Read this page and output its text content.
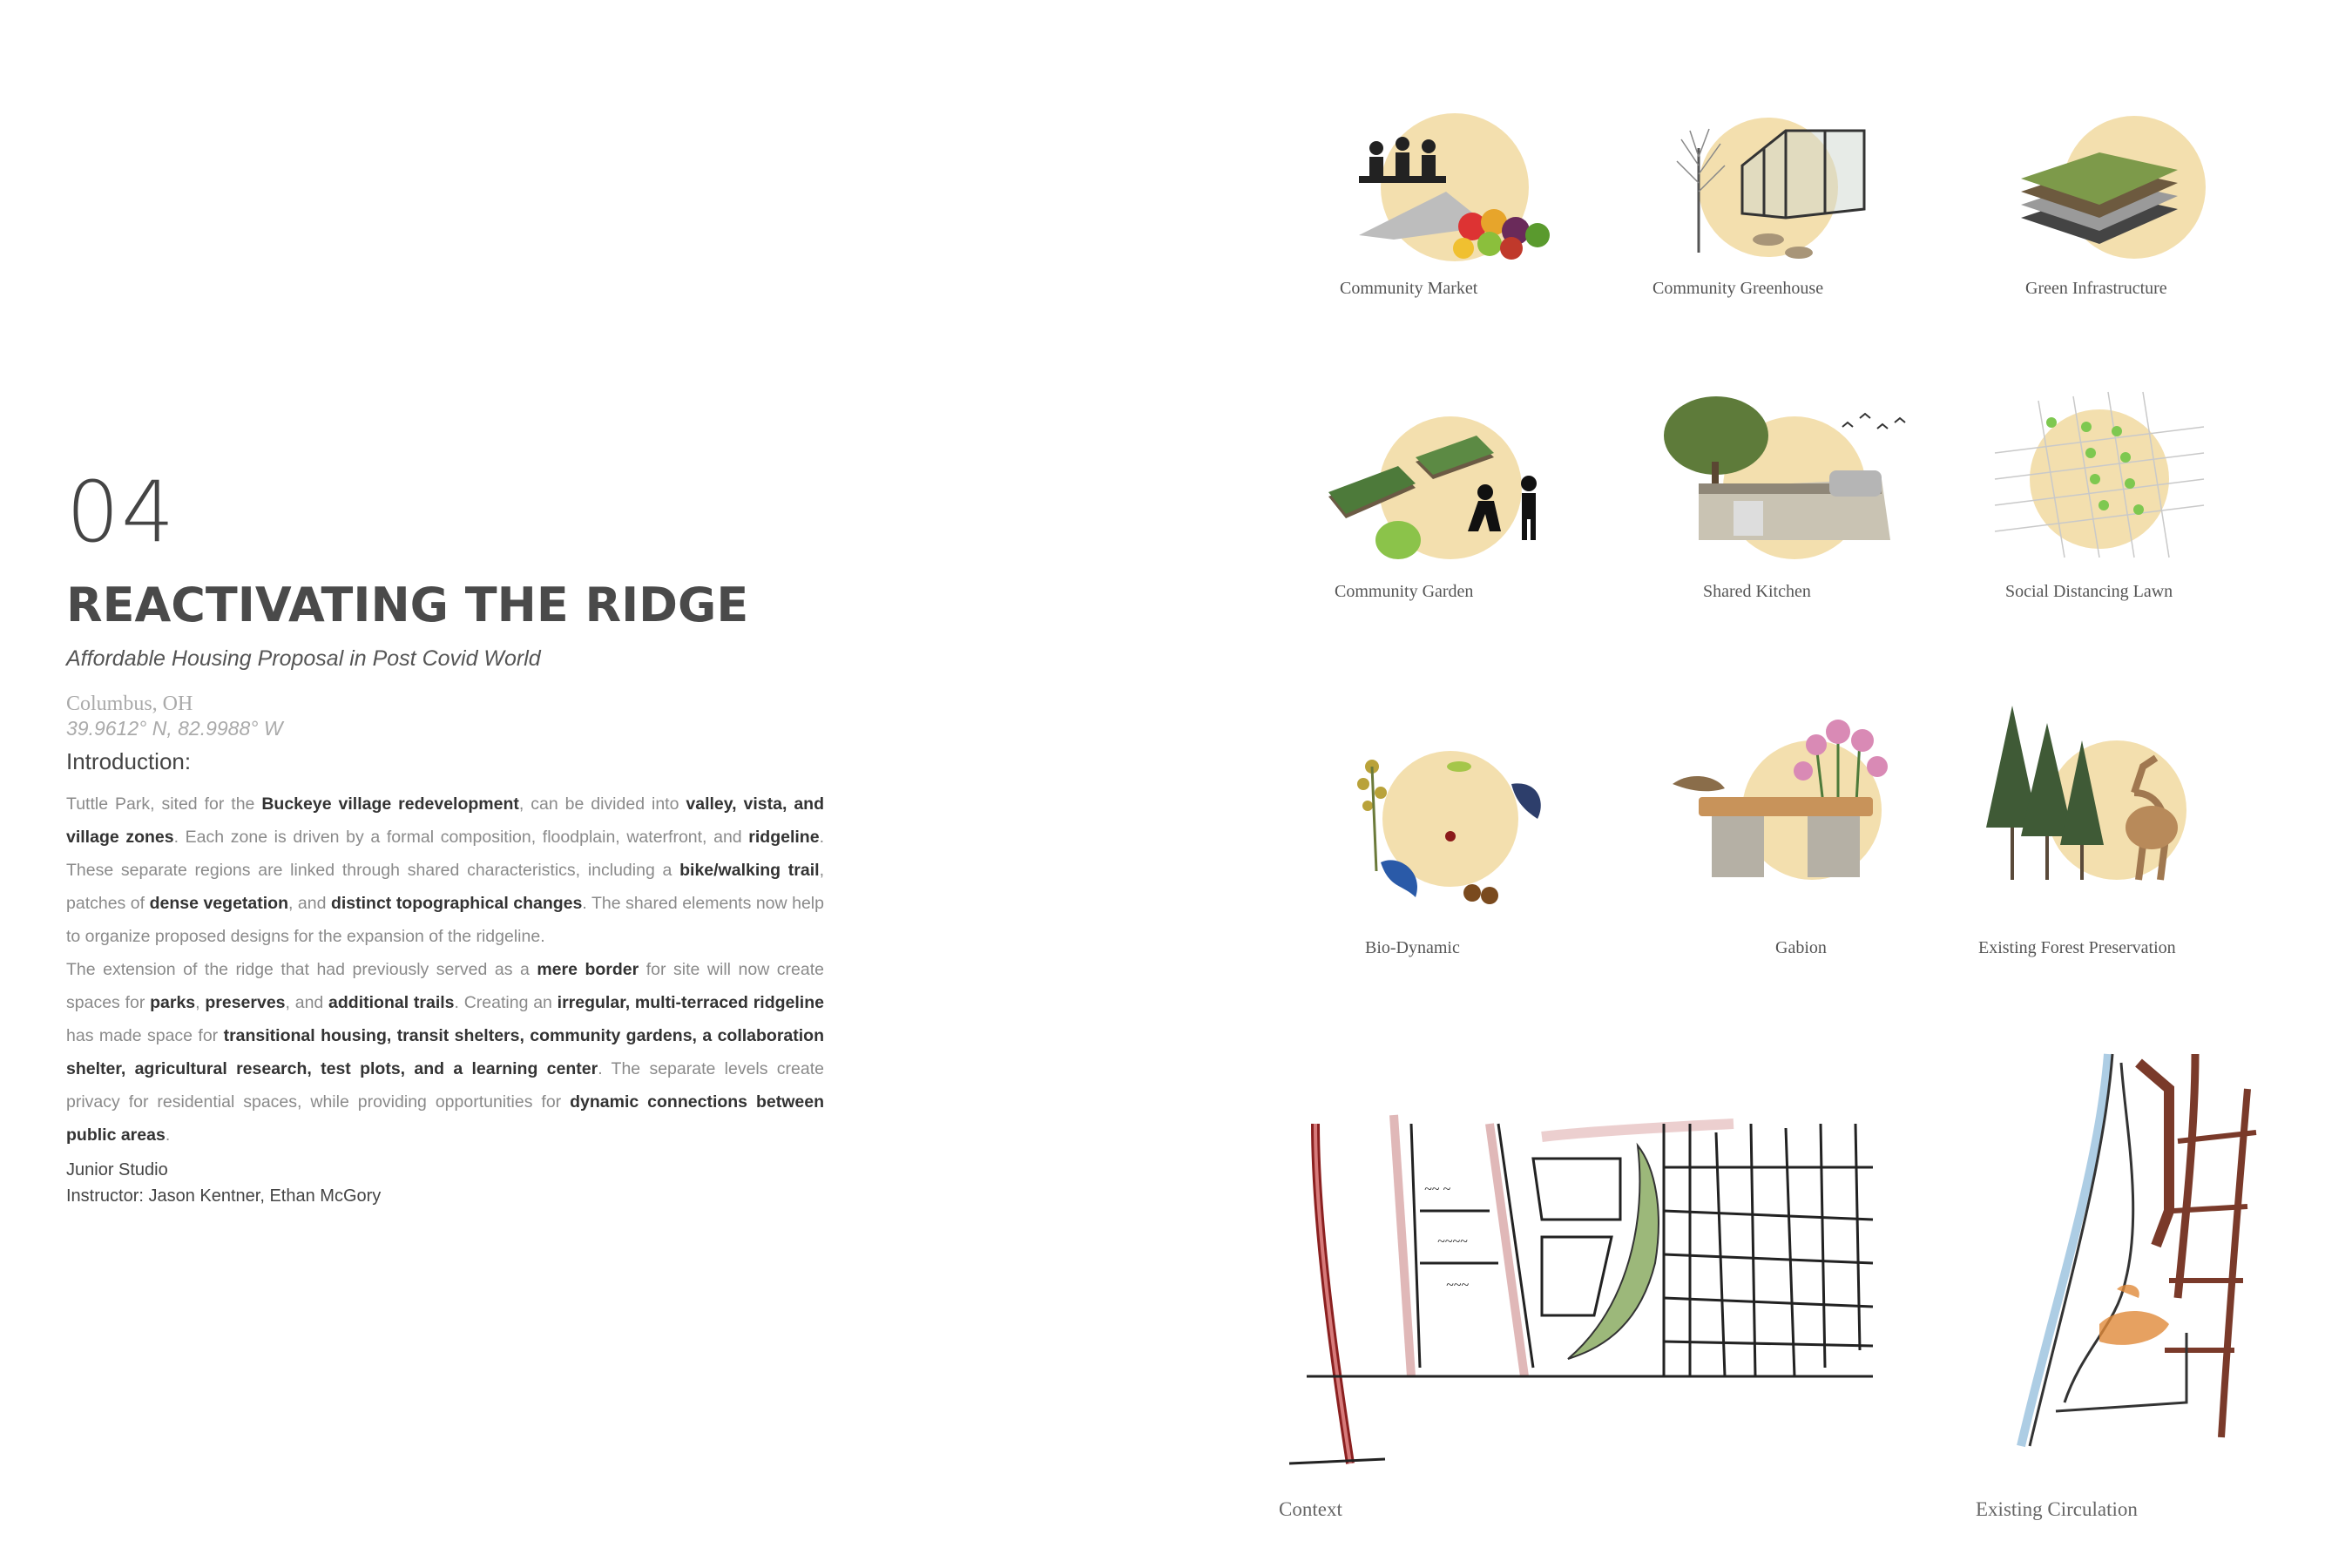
04
REACTIVATING THE RIDGE
Affordable Housing Proposal in Post Covid World
Columbus, OH
39.9612° N, 82.9988° W
Introduction:
Tuttle Park, sited for the Buckeye village redevelopment, can be divided into valley, vista, and village zones. Each zone is driven by a formal composition, floodplain, waterfront, and ridgeline. These separate regions are linked through shared characteristics, including a bike/walking trail, patches of dense vegetation, and distinct topographical changes. The shared elements now help to organize proposed designs for the expansion of the ridgeline.
The extension of the ridge that had previously served as a mere border for site will now create spaces for parks, preserves, and additional trails. Creating an irregular, multi-terraced ridgeline has made space for transitional housing, transit shelters, community gardens, a collaboration shelter, agricultural research, test plots, and a learning center. The separate levels create privacy for residential spaces, while providing opportunities for dynamic connections between public areas.
Junior Studio
Instructor: Jason Kentner, Ethan McGory
Community Market	Community Greenhouse	Green Infrastructure
Community Garden	Shared Kitchen	Social Distancing Lawn
Bio-Dynamic	Gabion	Existing Forest Preservation
~~ ~
~~~~
~~~
Context	Existing Circulation
